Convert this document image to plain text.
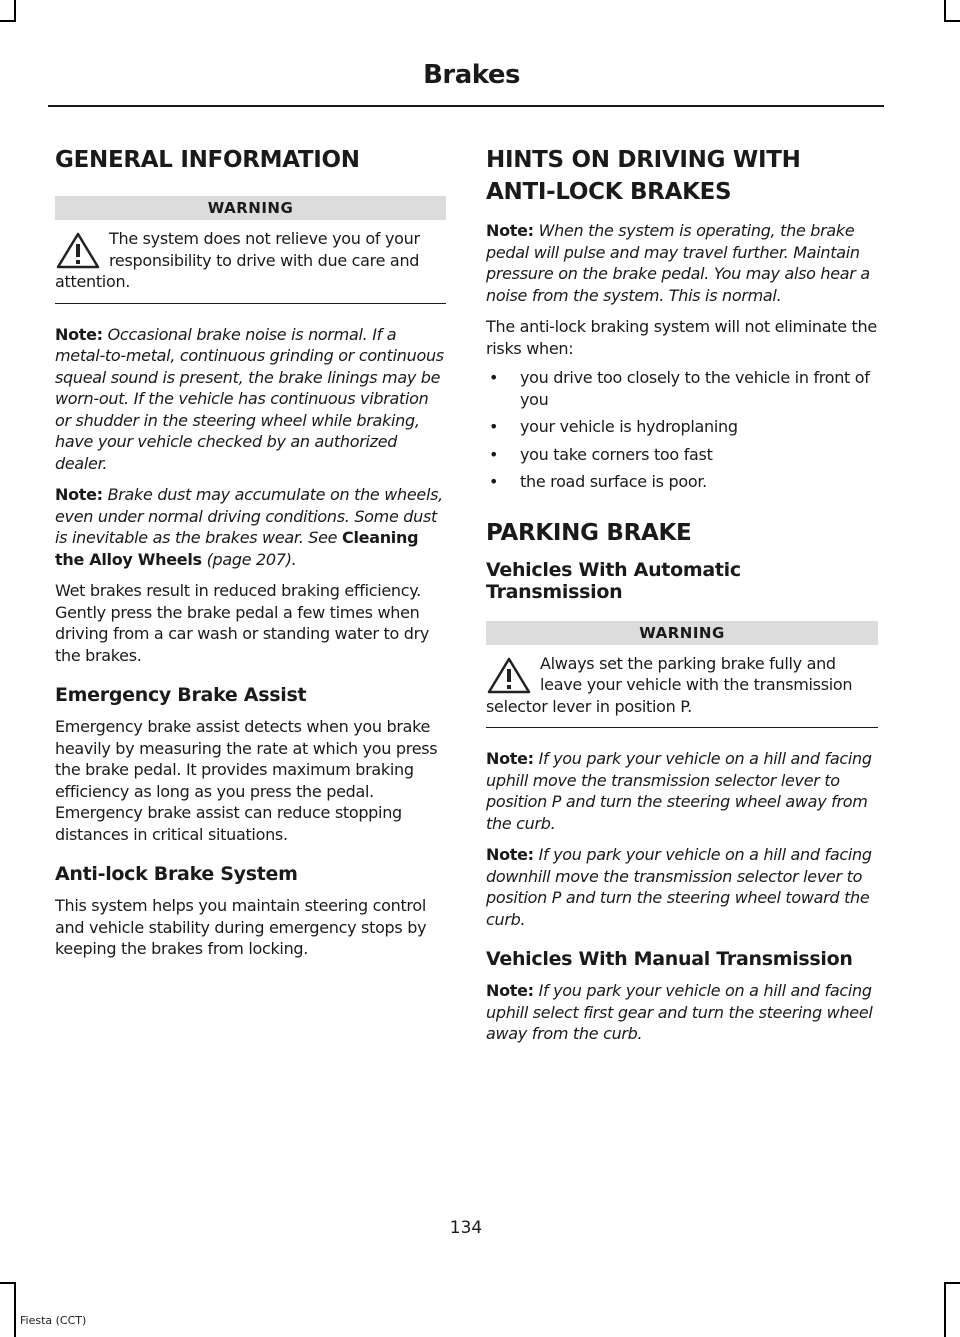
Brakes
GENERAL INFORMATION
WARNING
The system does not relieve you of your responsibility to drive with due care and attention.

Note: Occasional brake noise is normal. If a metal-to-metal, continuous grinding or continuous squeal sound is present, the brake linings may be worn-out. If the vehicle has continuous vibration or shudder in the steering wheel while braking, have your vehicle checked by an authorized dealer.

Note: Brake dust may accumulate on the wheels, even under normal driving conditions. Some dust is inevitable as the brakes wear. See Cleaning the Alloy Wheels (page 207).

Wet brakes result in reduced braking efficiency. Gently press the brake pedal a few times when driving from a car wash or standing water to dry the brakes.

Emergency Brake Assist

Emergency brake assist detects when you brake heavily by measuring the rate at which you press the brake pedal. It provides maximum braking efficiency as long as you press the pedal. Emergency brake assist can reduce stopping distances in critical situations.

Anti-lock Brake System

This system helps you maintain steering control and vehicle stability during emergency stops by keeping the brakes from locking.

HINTS ON DRIVING WITH
ANTI-LOCK BRAKES

Note: When the system is operating, the brake pedal will pulse and may travel further. Maintain pressure on the brake pedal. You may also hear a noise from the system. This is normal.

The anti-lock braking system will not eliminate the risks when:

• you drive too closely to the vehicle in front of you
• your vehicle is hydroplaning
• you take corners too fast
• the road surface is poor.
PARKING BRAKE
Vehicles With Automatic Transmission
WARNING
Always set the parking brake fully and leave your vehicle with the transmission selector lever in position P.

Note: If you park your vehicle on a hill and facing uphill move the transmission selector lever to position P and turn the steering wheel away from the curb.

Note: If you park your vehicle on a hill and facing downhill move the transmission selector lever to position P and turn the steering wheel toward the curb.

Vehicles With Manual Transmission

Note: If you park your vehicle on a hill and facing uphill select first gear and turn the steering wheel away from the curb.

134
Fiesta (CCT)
